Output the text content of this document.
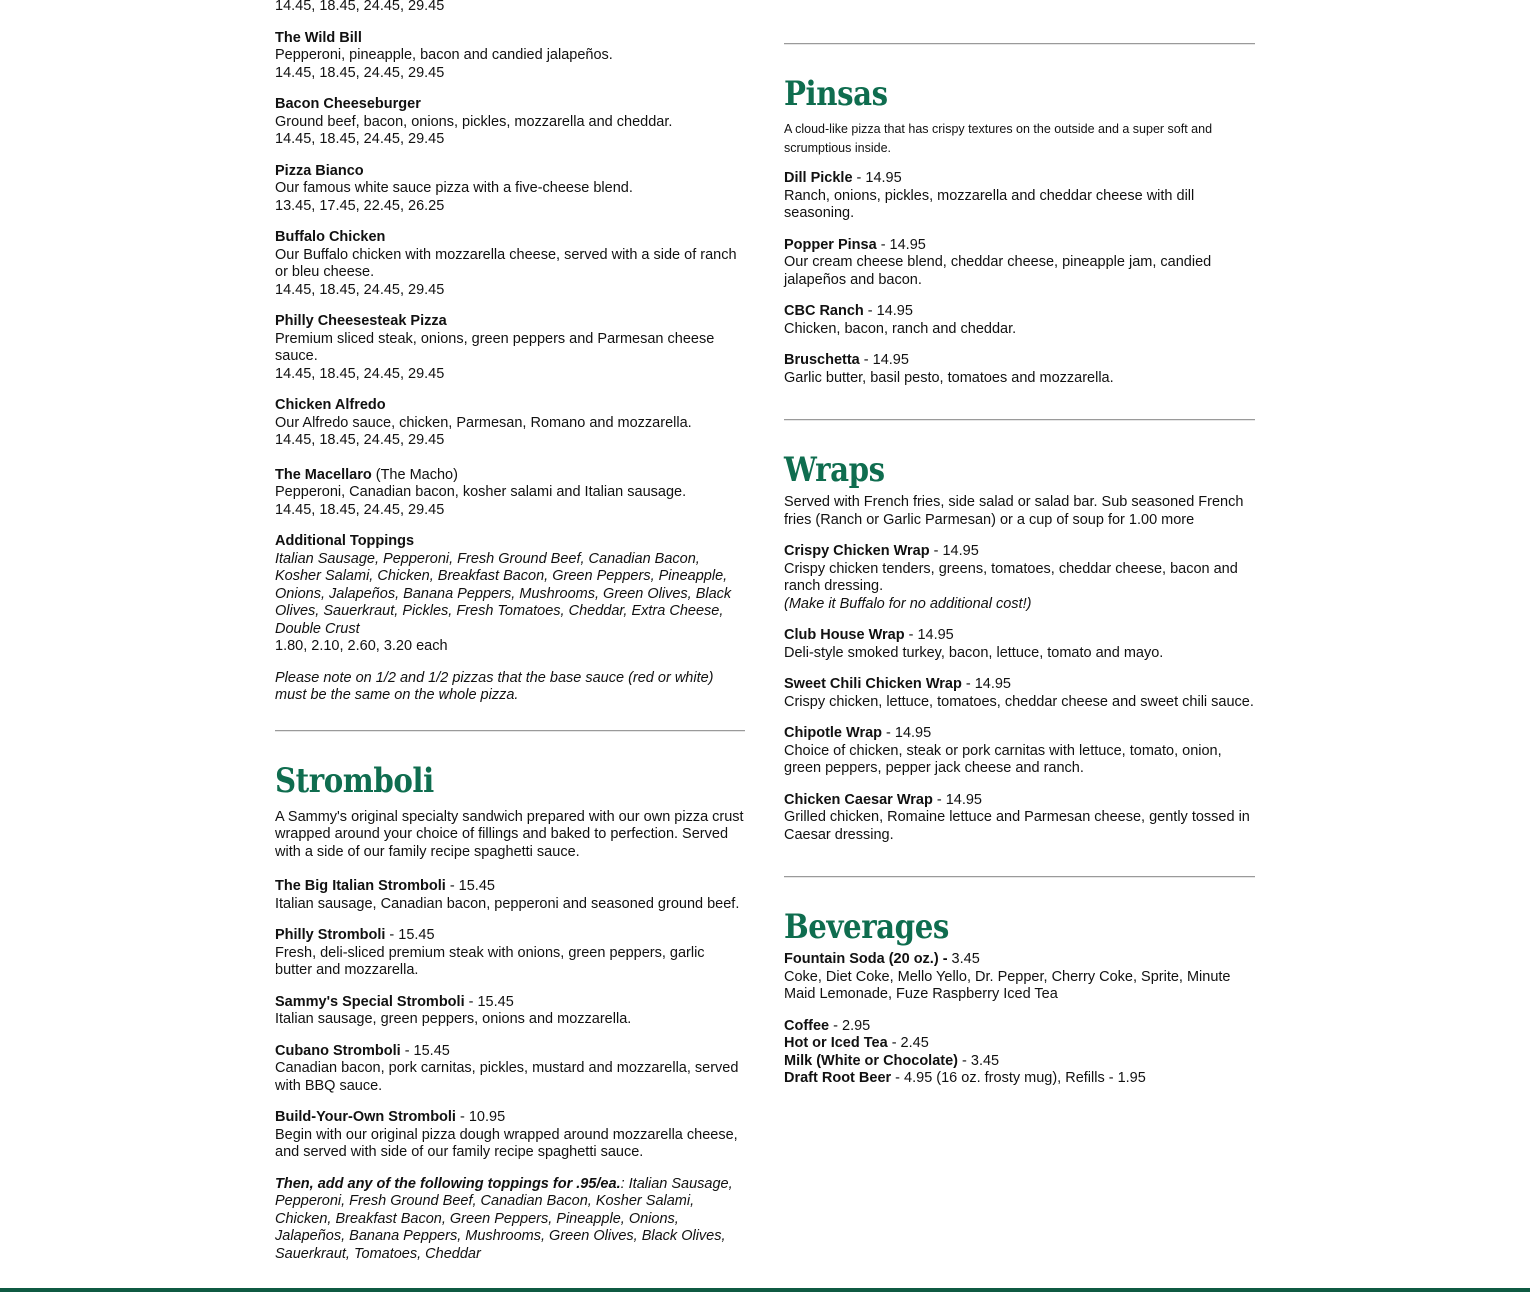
14.45, 18.45, 24.45, 29.45

The Wild Bill

Pepperoni, pineapple, bacon and candied jalapeños.

14.45, 18.45, 24.45, 29.45

Bacon Cheeseburger

Ground beef, bacon, onions, pickles, mozzarella and cheddar.

14.45, 18.45, 24.45, 29.45

Pizza Bianco

Our famous white sauce pizza with a five-cheese blend.

13.45, 17.45, 22.45, 26.25

Buffalo Chicken

Our Buffalo chicken with mozzarella cheese, served with a side of ranch or bleu cheese.

14.45, 18.45, 24.45, 29.45

Philly Cheesesteak Pizza

Premium sliced steak, onions, green peppers and Parmesan cheese sauce.

14.45, 18.45, 24.45, 29.45

Chicken Alfredo

Our Alfredo sauce, chicken, Parmesan, Romano and mozzarella.

14.45, 18.45, 24.45, 29.45

The Macellaro (The Macho)

Pepperoni, Canadian bacon, kosher salami and Italian sausage.

14.45, 18.45, 24.45, 29.45

Additional Toppings

Italian Sausage, Pepperoni, Fresh Ground Beef, Canadian Bacon, Kosher Salami, Chicken, Breakfast Bacon, Green Peppers, Pineapple, Onions, Jalapeños, Banana Peppers, Mushrooms, Green Olives, Black Olives, Sauerkraut, Pickles, Fresh Tomatoes, Cheddar, Extra Cheese, Double Crust

1.80, 2.10, 2.60, 3.20 each

Please note on 1/2 and 1/2 pizzas that the base sauce (red or white) must be the same on the whole pizza.

Stromboli

A Sammy's original specialty sandwich prepared with our own pizza crust wrapped around your choice of fillings and baked to perfection. Served with a side of our family recipe spaghetti sauce.

The Big Italian Stromboli - 15.45

Italian sausage, Canadian bacon, pepperoni and seasoned ground beef.

Philly Stromboli - 15.45

Fresh, deli-sliced premium steak with onions, green peppers, garlic butter and mozzarella.

Sammy's Special Stromboli - 15.45

Italian sausage, green peppers, onions and mozzarella.

Cubano Stromboli - 15.45

Canadian bacon, pork carnitas, pickles, mustard and mozzarella, served with BBQ sauce.

Build-Your-Own Stromboli - 10.95

Begin with our original pizza dough wrapped around mozzarella cheese, and served with side of our family recipe spaghetti sauce.

Then, add any of the following toppings for .95/ea.: Italian Sausage, Pepperoni, Fresh Ground Beef, Canadian Bacon, Kosher Salami, Chicken, Breakfast Bacon, Green Peppers, Pineapple, Onions, Jalapeños, Banana Peppers, Mushrooms, Green Olives, Black Olives, Sauerkraut, Tomatoes, Cheddar

Pinsas

A cloud-like pizza that has crispy textures on the outside and a super soft and scrumptious inside.

Dill Pickle - 14.95

Ranch, onions, pickles, mozzarella and cheddar cheese with dill seasoning.

Popper Pinsa - 14.95

Our cream cheese blend, cheddar cheese, pineapple jam, candied jalapeños and bacon.

CBC Ranch - 14.95

Chicken, bacon, ranch and cheddar.

Bruschetta - 14.95

Garlic butter, basil pesto, tomatoes and mozzarella.

Wraps

Served with French fries, side salad or salad bar. Sub seasoned French fries (Ranch or Garlic Parmesan) or a cup of soup for 1.00 more

Crispy Chicken Wrap - 14.95

Crispy chicken tenders, greens, tomatoes, cheddar cheese, bacon and ranch dressing.

(Make it Buffalo for no additional cost!)

Club House Wrap - 14.95

Deli-style smoked turkey, bacon, lettuce, tomato and mayo.

Sweet Chili Chicken Wrap - 14.95

Crispy chicken, lettuce, tomatoes, cheddar cheese and sweet chili sauce.

Chipotle Wrap - 14.95

Choice of chicken, steak or pork carnitas with lettuce, tomato, onion, green peppers, pepper jack cheese and ranch.

Chicken Caesar Wrap - 14.95

Grilled chicken, Romaine lettuce and Parmesan cheese, gently tossed in Caesar dressing.

Beverages

Fountain Soda (20 oz.) - 3.45

Coke, Diet Coke, Mello Yello, Dr. Pepper, Cherry Coke, Sprite, Minute Maid Lemonade, Fuze Raspberry Iced Tea

Coffee - 2.95

Hot or Iced Tea - 2.45

Milk (White or Chocolate) - 3.45

Draft Root Beer - 4.95 (16 oz. frosty mug), Refills - 1.95
